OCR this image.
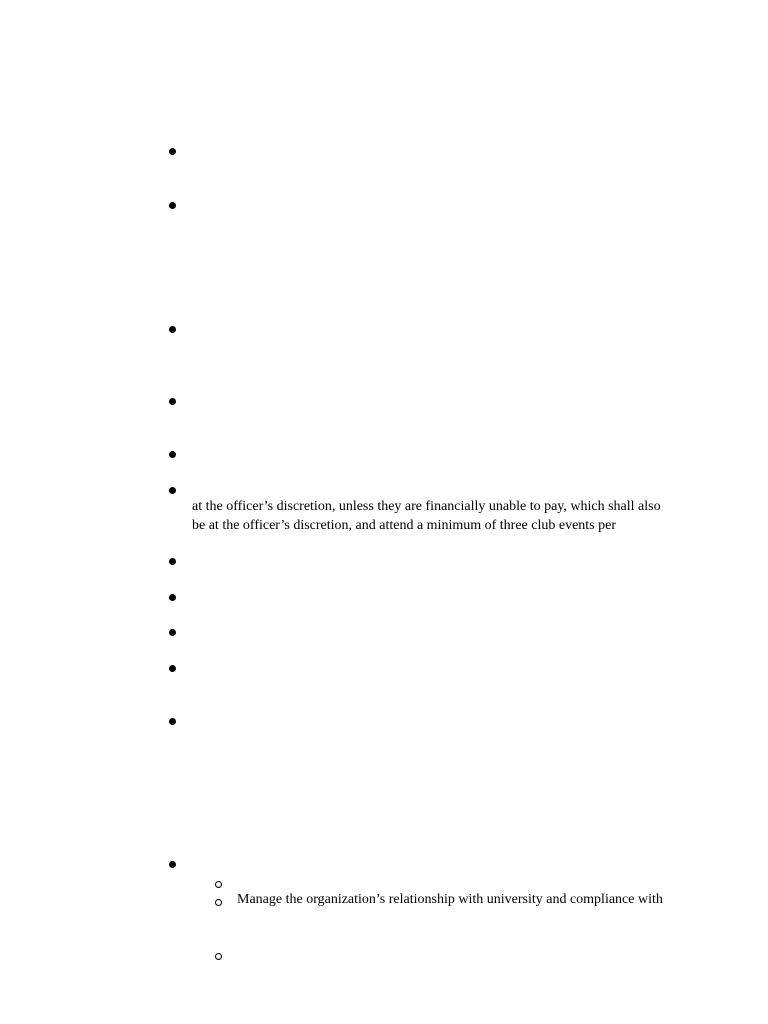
at the officer’s discretion, unless they are financially unable to pay, which shall also
be at the officer’s discretion, and attend a minimum of three club events per
Manage the organization’s relationship with university and compliance with
